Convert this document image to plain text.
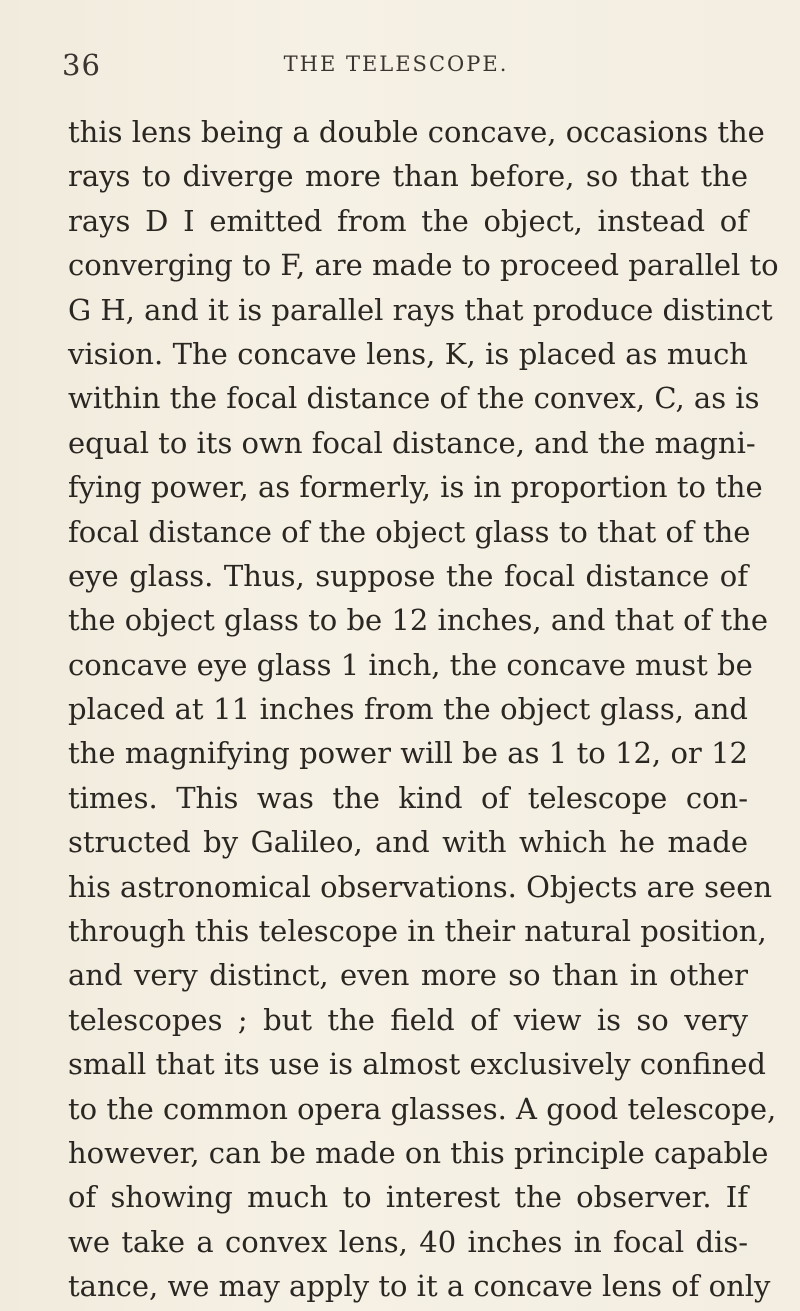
36	THE TELESCOPE.
this lens being a double concave, occasions the
rays to diverge more than before, so that the
rays D I emitted from the object, instead of
converging to F, are made to proceed parallel to
G H, and it is parallel rays that produce distinct
vision. The concave lens, K, is placed as much
within the focal distance of the convex, C, as is
equal to its own focal distance, and the magni-
fying power, as formerly, is in proportion to the
focal distance of the object glass to that of the
eye glass. Thus, suppose the focal distance of
the object glass to be 12 inches, and that of the
concave eye glass 1 inch, the concave must be
placed at 11 inches from the object glass, and
the magnifying power will be as 1 to 12, or 12
times. This was the kind of telescope con-
structed by Galileo, and with which he made
his astronomical observations. Objects are seen
through this telescope in their natural position,
and very distinct, even more so than in other
telescopes ; but the field of view is so very
small that its use is almost exclusively confined
to the common opera glasses. A good telescope,
however, can be made on this principle capable
of showing much to interest the observer. If
we take a convex lens, 40 inches in focal dis-
tance, we may apply to it a concave lens of only
